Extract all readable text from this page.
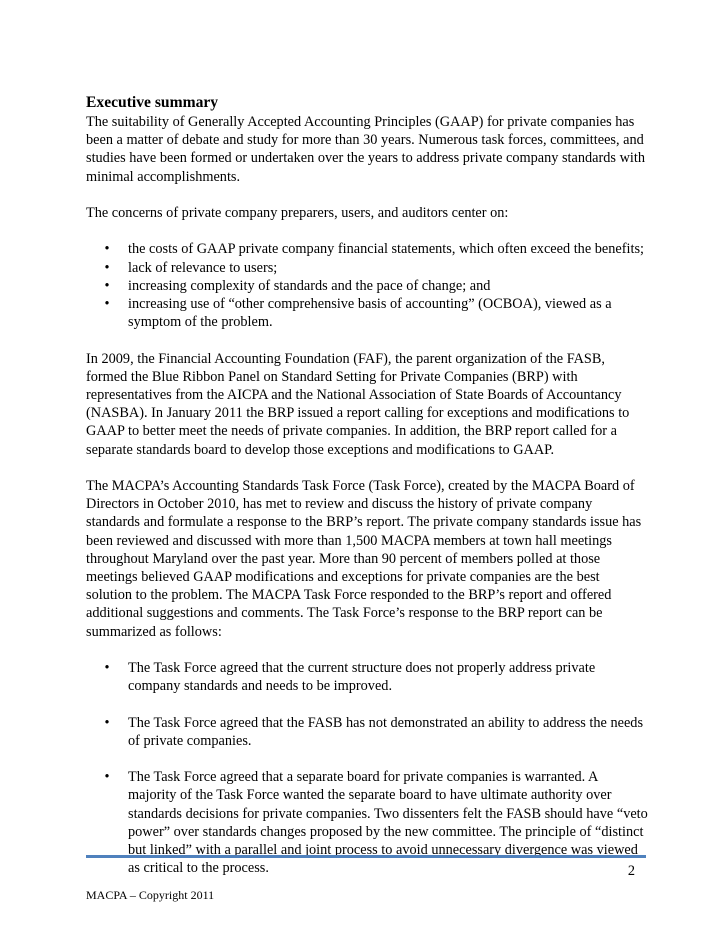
Executive summary

The suitability of Generally Accepted Accounting Principles (GAAP) for private companies has been a matter of debate and study for more than 30 years. Numerous task forces, committees, and studies have been formed or undertaken over the years to address private company standards with minimal accomplishments.

The concerns of private company preparers, users, and auditors center on:

• the costs of GAAP private company financial statements, which often exceed the benefits;
• lack of relevance to users;
• increasing complexity of standards and the pace of change; and
• increasing use of “other comprehensive basis of accounting” (OCBOA), viewed as a symptom of the problem.

In 2009, the Financial Accounting Foundation (FAF), the parent organization of the FASB, formed the Blue Ribbon Panel on Standard Setting for Private Companies (BRP) with representatives from the AICPA and the National Association of State Boards of Accountancy (NASBA). In January 2011 the BRP issued a report calling for exceptions and modifications to GAAP to better meet the needs of private companies. In addition, the BRP report called for a separate standards board to develop those exceptions and modifications to GAAP.

The MACPA’s Accounting Standards Task Force (Task Force), created by the MACPA Board of Directors in October 2010, has met to review and discuss the history of private company standards and formulate a response to the BRP’s report. The private company standards issue has been reviewed and discussed with more than 1,500 MACPA members at town hall meetings throughout Maryland over the past year. More than 90 percent of members polled at those meetings believed GAAP modifications and exceptions for private companies are the best solution to the problem. The MACPA Task Force responded to the BRP’s report and offered additional suggestions and comments. The Task Force’s response to the BRP report can be summarized as follows:

• The Task Force agreed that the current structure does not properly address private company standards and needs to be improved.
• The Task Force agreed that the FASB has not demonstrated an ability to address the needs of private companies.
• The Task Force agreed that a separate board for private companies is warranted. A majority of the Task Force wanted the separate board to have ultimate authority over standards decisions for private companies. Two dissenters felt the FASB should have “veto power” over standards changes proposed by the new committee. The principle of “distinct but linked” with a parallel and joint process to avoid unnecessary divergence was viewed as critical to the process.	2
MACPA – Copyright 2011
